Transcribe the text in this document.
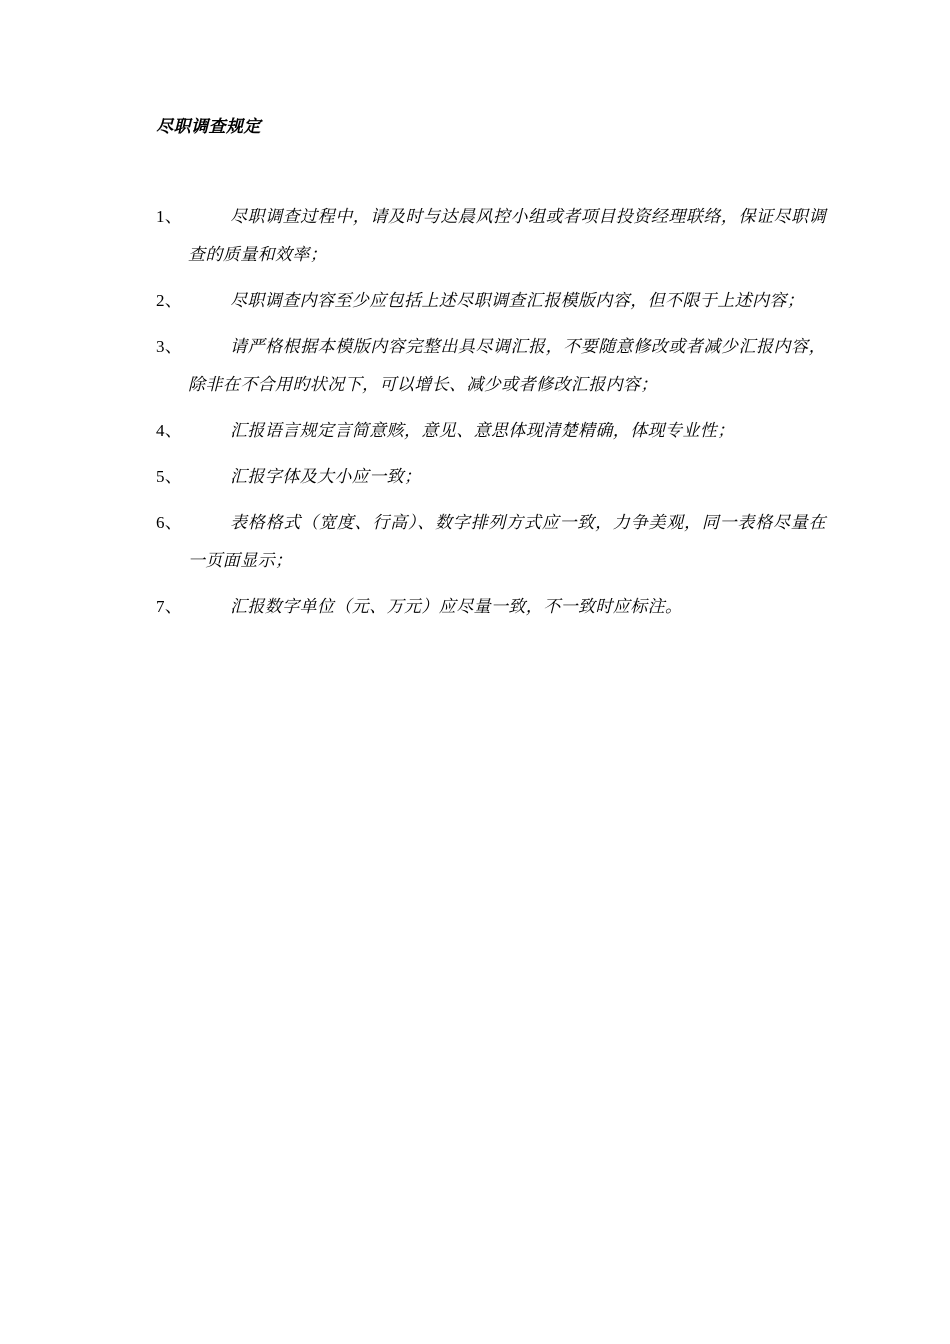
尽职调查规定
1、	尽职调查过程中，请及时与达晨风控小组或者项目投资经理联络，保证尽职调查的质量和效率；
2、	尽职调查内容至少应包括上述尽职调查汇报模版内容，但不限于上述内容；
3、	请严格根据本模版内容完整出具尽调汇报，不要随意修改或者减少汇报内容，除非在不合用旳状况下，可以增长、减少或者修改汇报内容；
4、	汇报语言规定言简意赅，意见、意思体现清楚精确，体现专业性；
5、	汇报字体及大小应一致；
6、	表格格式（宽度、行高）、数字排列方式应一致，力争美观，同一表格尽量在一页面显示；
7、	汇报数字单位（元、万元）应尽量一致，不一致时应标注。
